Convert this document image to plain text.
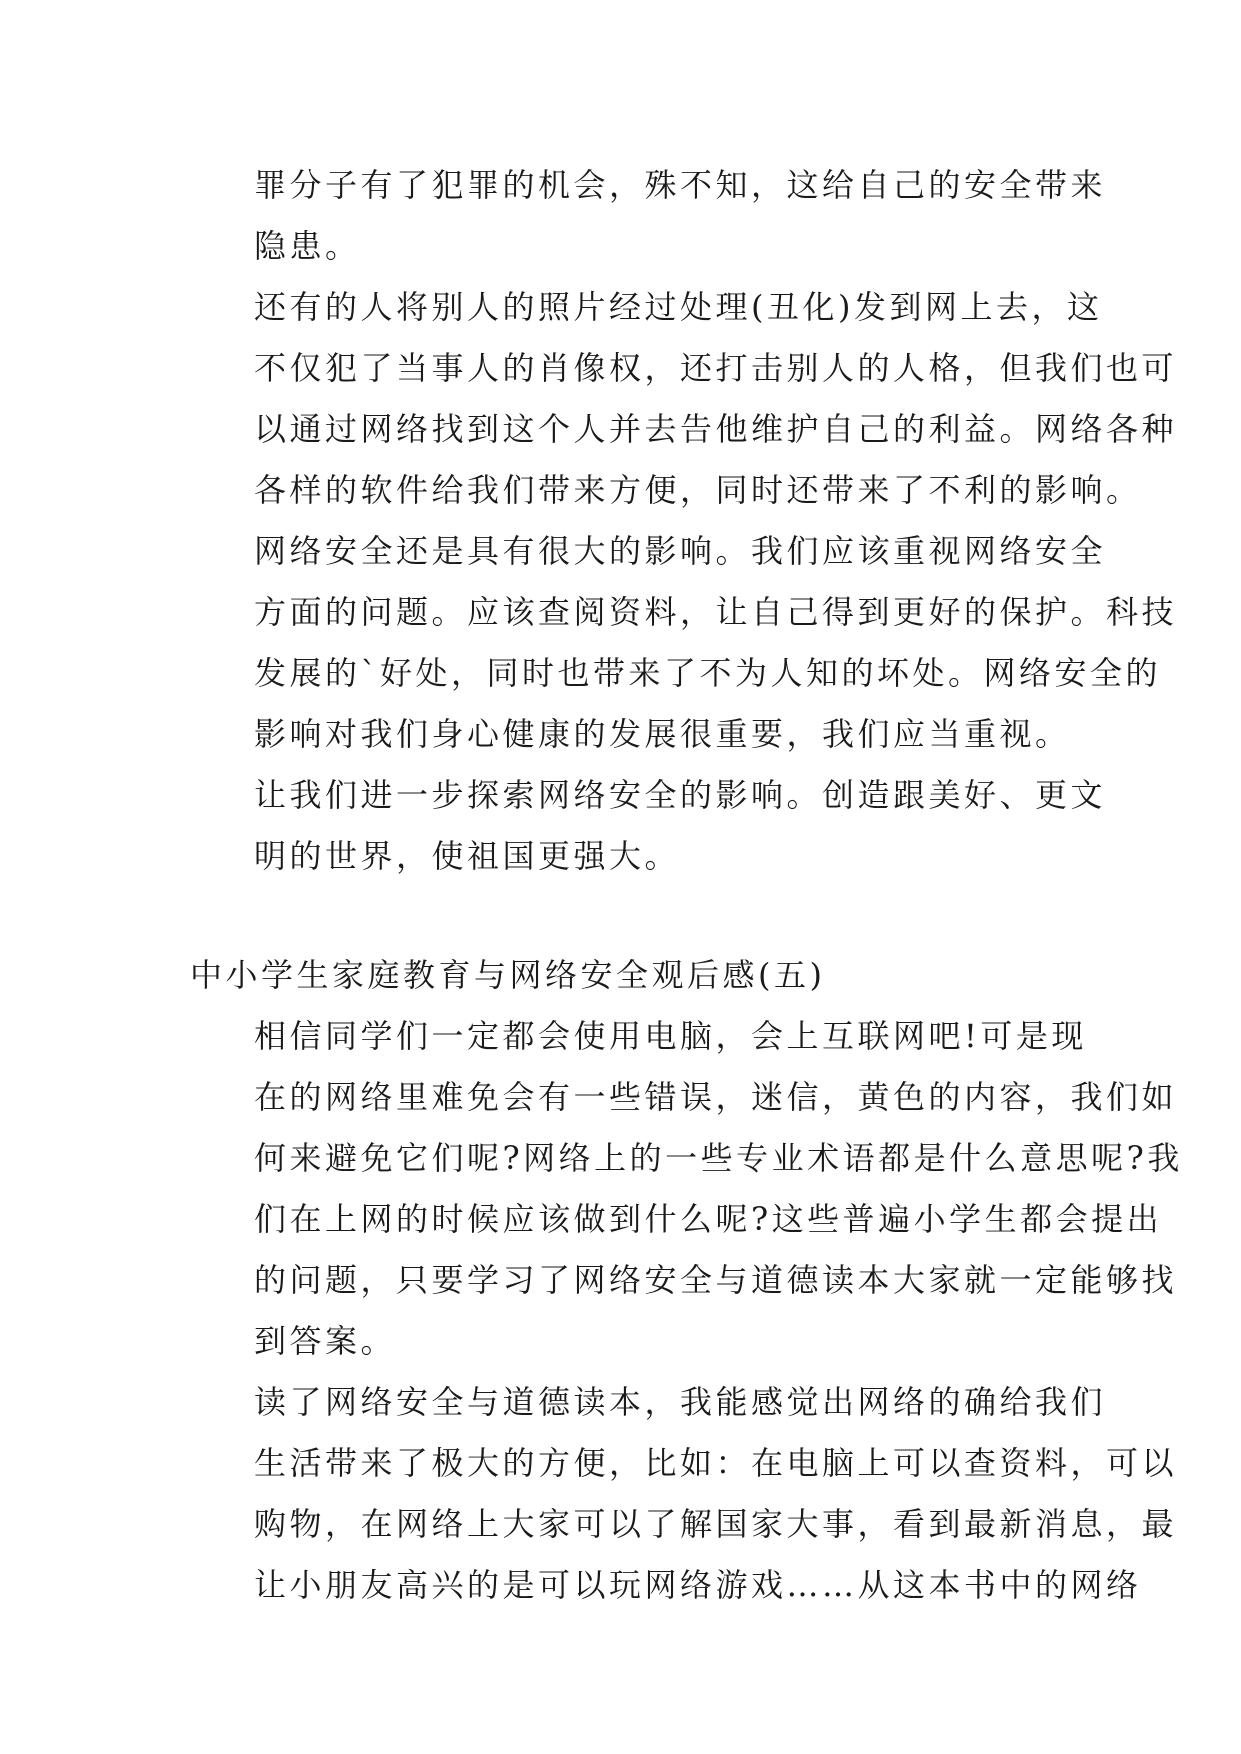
罪分子有了犯罪的机会，殊不知，这给自己的安全带来
隐患。

还有的人将别人的照片经过处理(丑化)发到网上去，这
不仅犯了当事人的肖像权，还打击别人的人格，但我们也可
以通过网络找到这个人并去告他维护自己的利益。网络各种
各样的软件给我们带来方便，同时还带来了不利的影响。

网络安全还是具有很大的影响。我们应该重视网络安全
方面的问题。应该查阅资料，让自己得到更好的保护。科技
发展的`好处，同时也带来了不为人知的坏处。网络安全的
影响对我们身心健康的发展很重要，我们应当重视。

让我们进一步探索网络安全的影响。创造跟美好、更文
明的世界，使祖国更强大。

中小学生家庭教育与网络安全观后感(五)

相信同学们一定都会使用电脑，会上互联网吧!可是现
在的网络里难免会有一些错误，迷信，黄色的内容，我们如
何来避免它们呢?网络上的一些专业术语都是什么意思呢?我
们在上网的时候应该做到什么呢?这些普遍小学生都会提出
的问题，只要学习了网络安全与道德读本大家就一定能够找
到答案。

读了网络安全与道德读本，我能感觉出网络的确给我们
生活带来了极大的方便，比如：在电脑上可以查资料，可以
购物，在网络上大家可以了解国家大事，看到最新消息，最
让小朋友高兴的是可以玩网络游戏……从这本书中的网络
